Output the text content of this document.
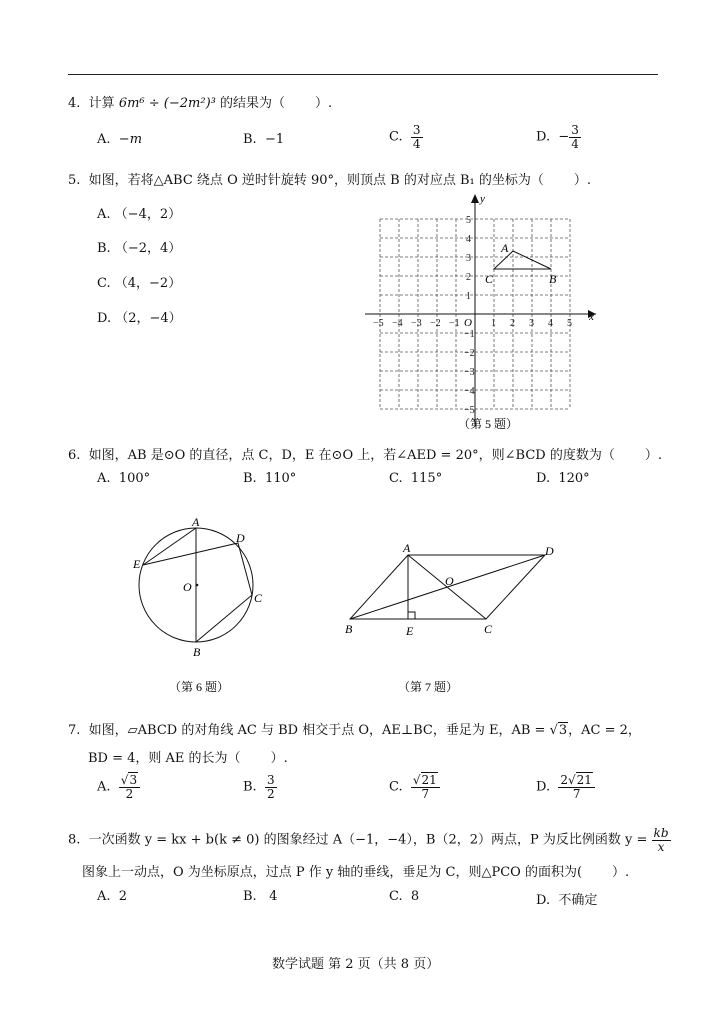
4. 计算 6m⁶ ÷ (−2m²)³ 的结果为（ ）.
A. −m	B. −1	C. $\frac{3}{4}$	D. − $\frac{3}{4}$
5. 如图，若将△ABC 绕点 O 逆时针旋转 90°，则顶点 B 的对应点 B₁ 的坐标为（ ）.
A. （−4，2）
B. （−2，4）
C. （4，−2）
D. （2，−4）	−5 −4 −3 −2 −1	1 2 3 4 5
5
4
3
2
1
−1
−2
−3
−4
−5
x
y
O
A
B
C
（第 5 题）
6. 如图，AB 是⊙O 的直径，点 C，D，E 在⊙O 上，若∠AED = 20°，则∠BCD 的度数为（ ）.
A. 100°	B. 110°	C. 115°	D. 120°
A
D
E
O
C
B
（第 6 题）
A	D
O
B	E	C
（第 7 题）
7. 如图，▱ABCD 的对角线 AC 与 BD 相交于点 O，AE⊥BC，垂足为 E，AB = √3，AC = 2，
BD = 4，则 AE 的长为（ ）.
A. $\frac{√3}{2}$	B. $\frac{3}{2}$	C. $\frac{√21}{7}$	D. $\frac{2√21}{7}$
8. 一次函数 y = kx + b(k ≠ 0) 的图象经过 A（−1，−4），B（2，2）两点，P 为反比例函数 $y = \frac{kb}{x}$
图象上一动点，O 为坐标原点，过点 P 作 y 轴的垂线，垂足为 C，则△PCO 的面积为( ）.
A. 2	B. 4	C. 8	D. 不确定
数学试题 第 2 页（共 8 页）
